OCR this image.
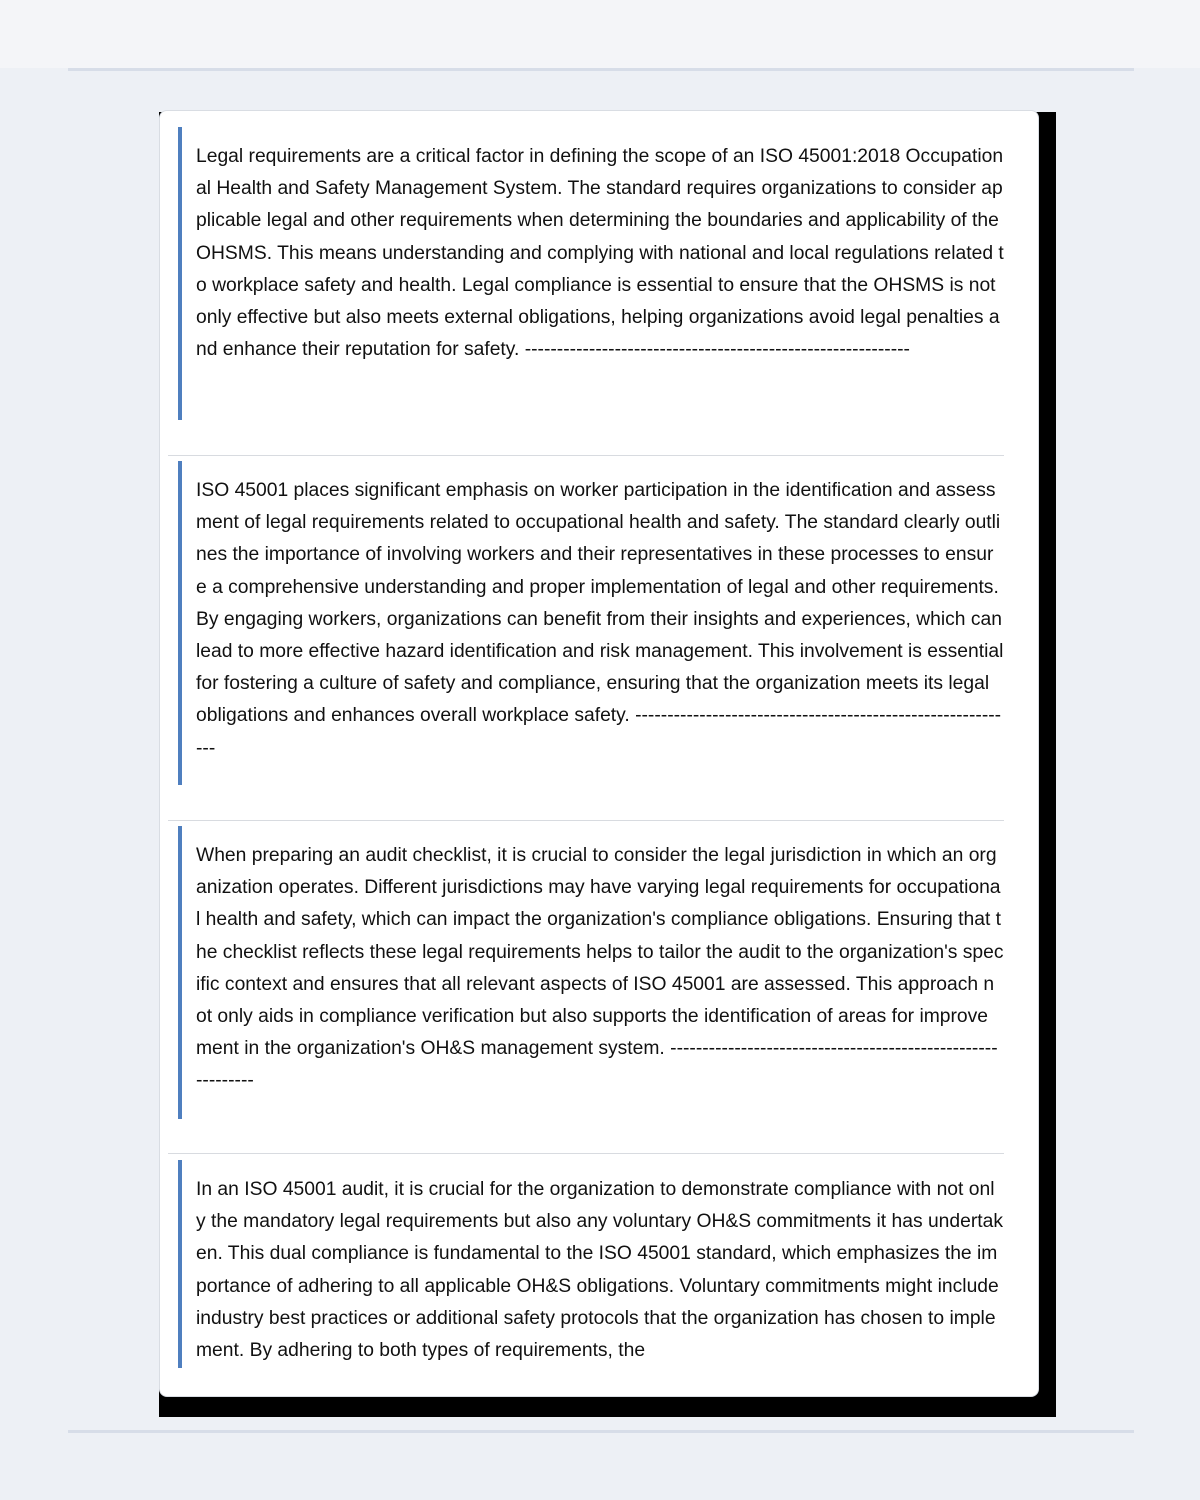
Legal requirements are a critical factor in defining the scope of an ISO 45001:2018 Occupational Health and Safety Management System. The standard requires organizations to consider applicable legal and other requirements when determining the boundaries and applicability of the OHSMS. This means understanding and complying with national and local regulations related to workplace safety and health. Legal compliance is essential to ensure that the OHSMS is not only effective but also meets external obligations, helping organizations avoid legal penalties and enhance their reputation for safety. ------------------------------------------------------------

ISO 45001 places significant emphasis on worker participation in the identification and assessment of legal requirements related to occupational health and safety. The standard clearly outlines the importance of involving workers and their representatives in these processes to ensure a comprehensive understanding and proper implementation of legal and other requirements. By engaging workers, organizations can benefit from their insights and experiences, which can lead to more effective hazard identification and risk management. This involvement is essential for fostering a culture of safety and compliance, ensuring that the organization meets its legal obligations and enhances overall workplace safety. ------------------------------------------------------------

When preparing an audit checklist, it is crucial to consider the legal jurisdiction in which an organization operates. Different jurisdictions may have varying legal requirements for occupational health and safety, which can impact the organization's compliance obligations. Ensuring that the checklist reflects these legal requirements helps to tailor the audit to the organization's specific context and ensures that all relevant aspects of ISO 45001 are assessed. This approach not only aids in compliance verification but also supports the identification of areas for improvement in the organization's OH&S management system. ------------------------------------------------------------

In an ISO 45001 audit, it is crucial for the organization to demonstrate compliance with not only the mandatory legal requirements but also any voluntary OH&S commitments it has undertaken. This dual compliance is fundamental to the ISO 45001 standard, which emphasizes the importance of adhering to all applicable OH&S obligations. Voluntary commitments might include industry best practices or additional safety protocols that the organization has chosen to implement. By adhering to both types of requirements, the
